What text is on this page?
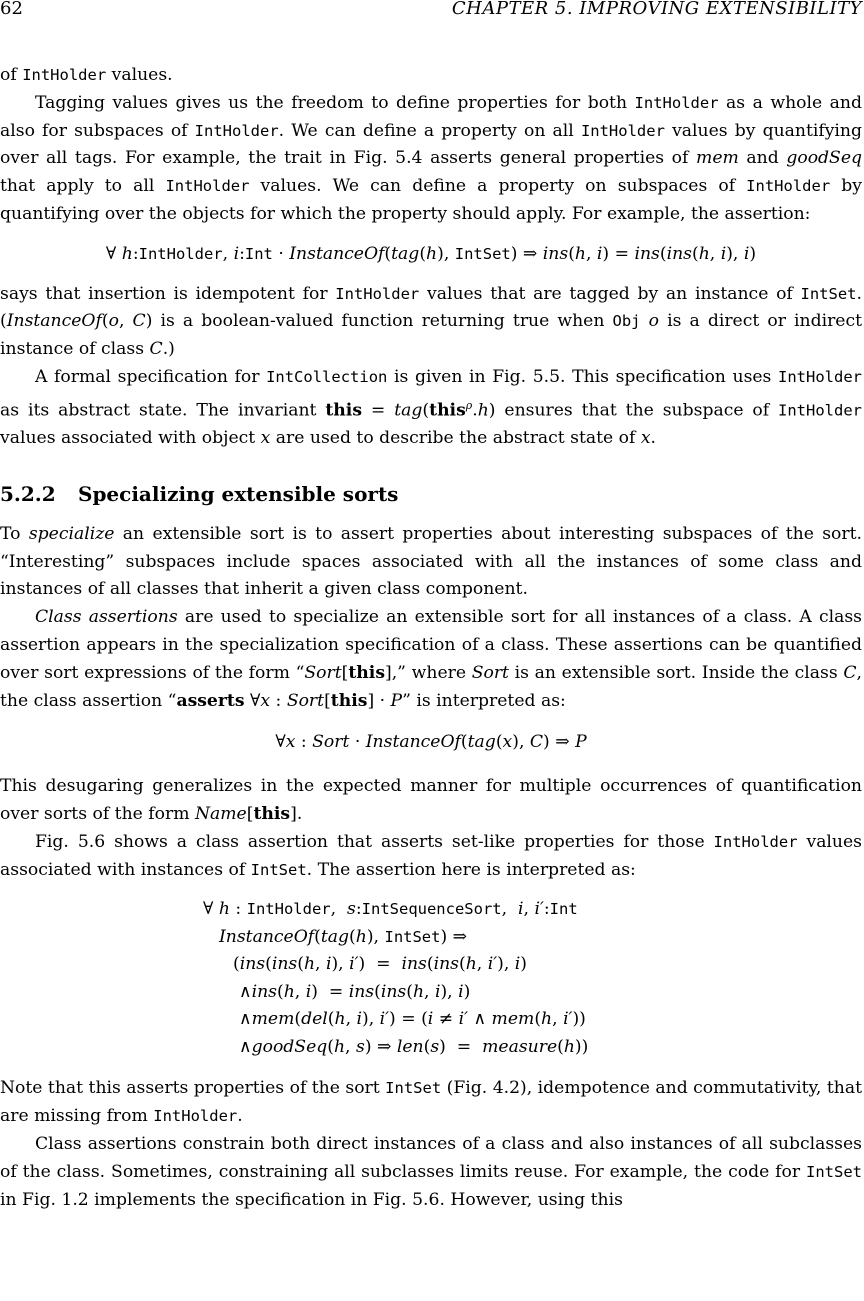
62	CHAPTER 5. IMPROVING EXTENSIBILITY

of IntHolder values.

Tagging values gives us the freedom to define properties for both IntHolder as a whole and also for subspaces of IntHolder. We can define a property on all IntHolder values by quantifying over all tags. For example, the trait in Fig. 5.4 asserts general properties of mem and goodSeq that apply to all IntHolder values. We can define a property on subspaces of IntHolder by quantifying over the objects for which the property should apply. For example, the assertion:

∀ h:IntHolder, i:Int · InstanceOf(tag(h), IntSet) ⇒ ins(h, i) = ins(ins(h, i), i)

says that insertion is idempotent for IntHolder values that are tagged by an instance of IntSet. (InstanceOf(o, C) is a boolean-valued function returning true when Obj o is a direct or indirect instance of class C.)

A formal specification for IntCollection is given in Fig. 5.5. This specification uses IntHolder as its abstract state. The invariant this = tag(this$^\rho$.h) ensures that the subspace of IntHolder values associated with object x are used to describe the abstract state of x.

5.2.2 Specializing extensible sorts

To specialize an extensible sort is to assert properties about interesting subspaces of the sort. “Interesting” subspaces include spaces associated with all the instances of some class and instances of all classes that inherit a given class component.

Class assertions are used to specialize an extensible sort for all instances of a class. A class assertion appears in the specialization specification of a class. These assertions can be quantified over sort expressions of the form “Sort[this],” where Sort is an extensible sort. Inside the class C, the class assertion “asserts ∀x : Sort[this] · P” is interpreted as:

∀x : Sort · InstanceOf(tag(x), C) ⇒ P

This desugaring generalizes in the expected manner for multiple occurrences of quantification over sorts of the form Name[this].

Fig. 5.6 shows a class assertion that asserts set-like properties for those IntHolder values associated with instances of IntSet. The assertion here is interpreted as:

∀ h : IntHolder,  s:IntSequenceSort,  i, i′:Int
InstanceOf(tag(h), IntSet) ⇒
(ins(ins(h, i), i′)  =  ins(ins(h, i′), i)
∧ins(h, i)  = ins(ins(h, i), i)
∧mem(del(h, i), i′) = (i ≠ i′ ∧ mem(h, i′))
∧goodSeq(h, s) ⇒ len(s)  =  measure(h))

Note that this asserts properties of the sort IntSet (Fig. 4.2), idempotence and commutativity, that are missing from IntHolder.

Class assertions constrain both direct instances of a class and also instances of all subclasses of the class. Sometimes, constraining all subclasses limits reuse. For example, the code for IntSet in Fig. 1.2 implements the specification in Fig. 5.6. However, using this
